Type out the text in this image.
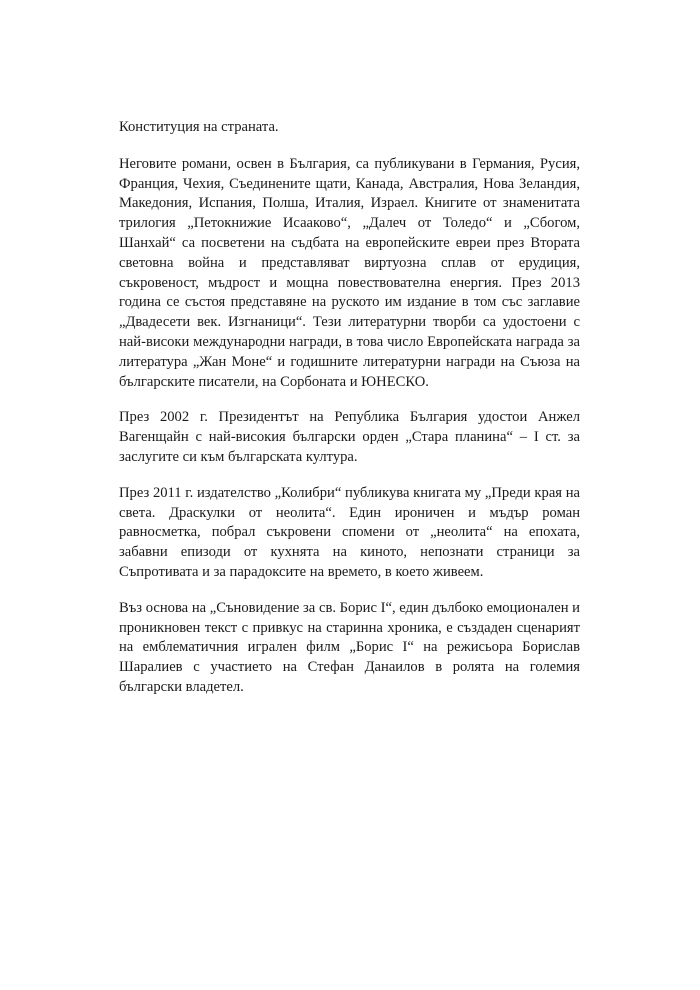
Конституция на страната.

Неговите романи, освен в България, са публикувани в Германия, Русия, Франция, Чехия, Съединените щати, Канада, Австралия, Нова Зеландия, Македония, Испания, Полша, Италия, Израел. Книгите от знаменитата трилогия „Петокнижие Исааково“, „Далеч от Толедо“ и „Сбогом, Шанхай“ са посветени на съдбата на европейските евреи през Втората световна война и представляват виртуозна сплав от ерудиция, съкровеност, мъдрост и мощна повествователна енергия. През 2013 година се състоя представяне на руското им издание в том със заглавие „Двадесети век. Изгнаници“. Тези литературни творби са удостоени с най-високи международни награди, в това число Европейската награда за литература „Жан Моне“ и годишните литературни награди на Съюза на българските писатели, на Сорбоната и ЮНЕСКО.

През 2002 г. Президентът на Република България удостои Анжел Вагенщайн с най-високия български орден „Стара планина“ – I ст. за заслугите си към българската култура.

През 2011 г. издателство „Колибри“ публикува книгата му „Преди края на света. Драскулки от неолита“. Един ироничен и мъдър роман равносметка, побрал съкровени спомени от „неолита“ на епохата, забавни епизоди от кухнята на киното, непознати страници за Съпротивата и за парадоксите на времето, в което живеем.

Въз основа на „Съновидение за св. Борис I“, един дълбоко емоционален и проникновен текст с привкус на старинна хроника, е създаден сценарият на емблематичния игрален филм „Борис I“ на режисьора Борислав Шаралиев с участието на Стефан Данаилов в ролята на големия български владетел.
